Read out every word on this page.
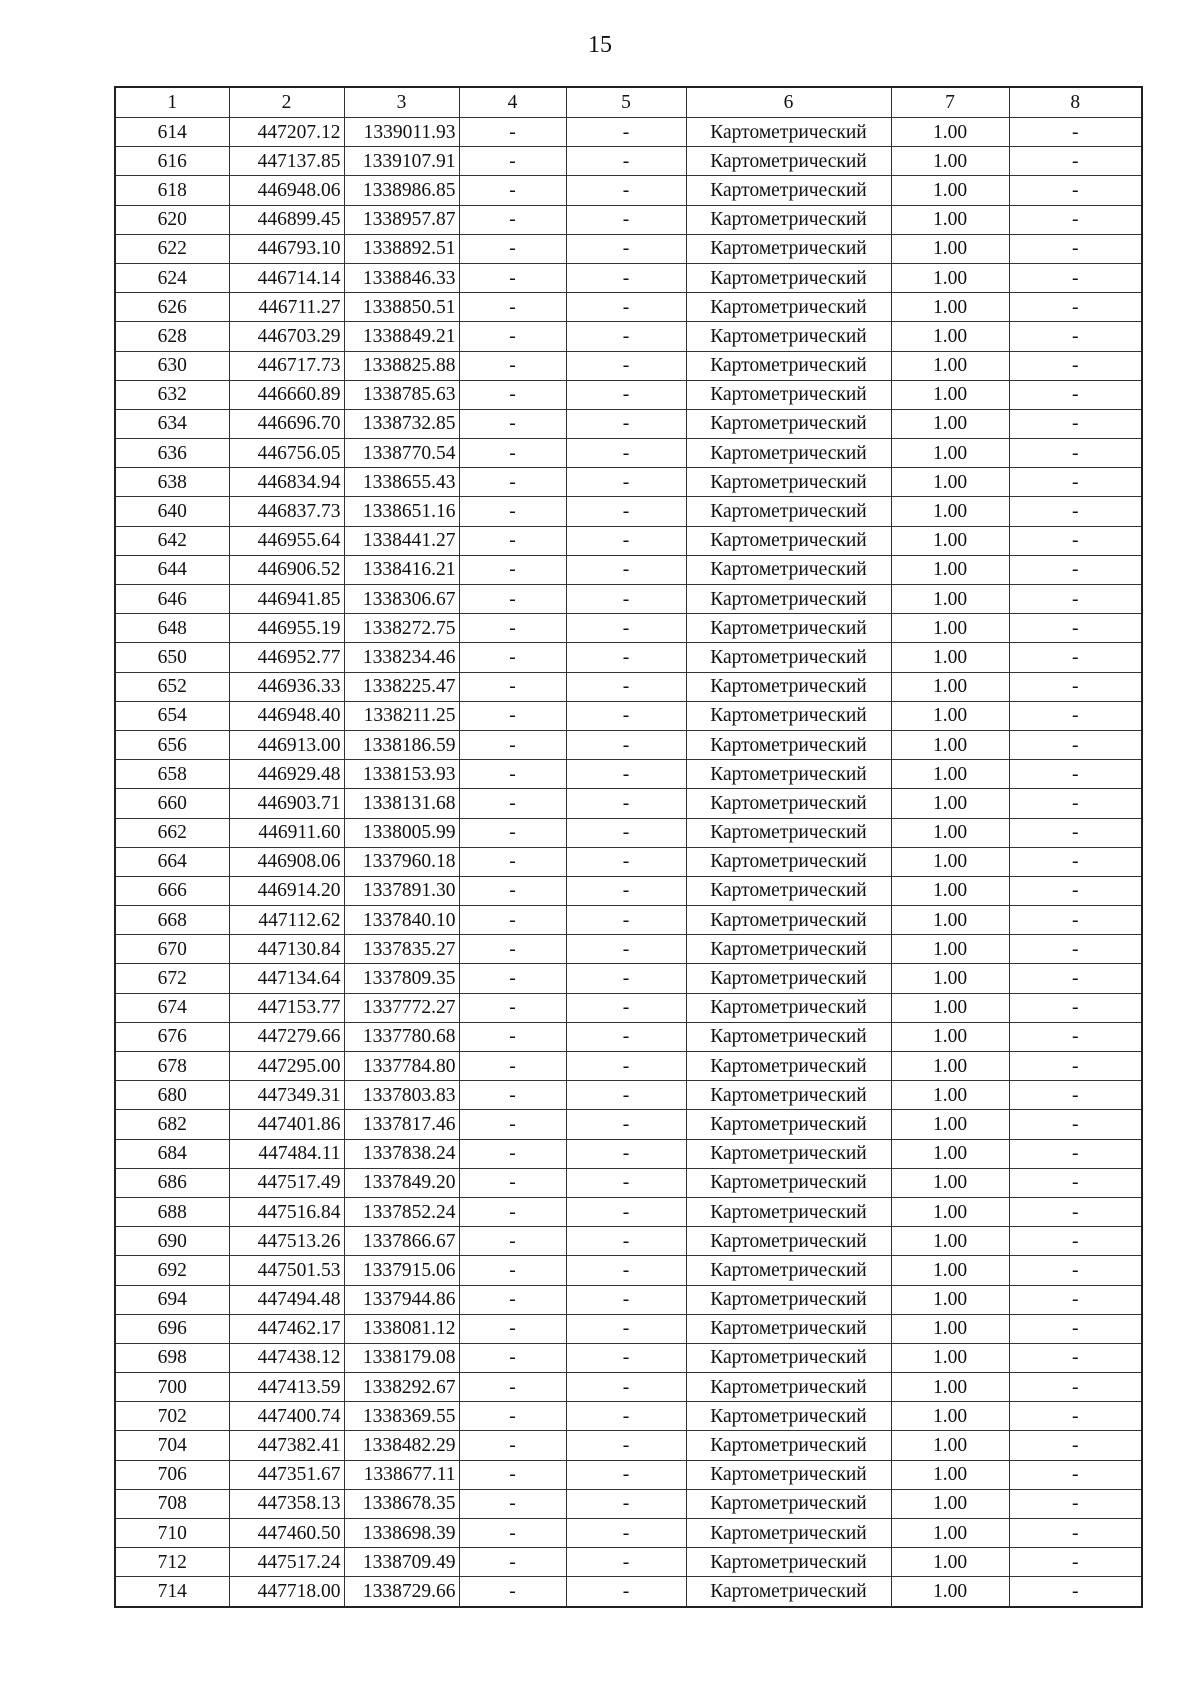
15
1	2	3	4	5	6	7	8
614	447207.12	1339011.93	-	-	Картометрический	1.00	-
616	447137.85	1339107.91	-	-	Картометрический	1.00	-
618	446948.06	1338986.85	-	-	Картометрический	1.00	-
620	446899.45	1338957.87	-	-	Картометрический	1.00	-
622	446793.10	1338892.51	-	-	Картометрический	1.00	-
624	446714.14	1338846.33	-	-	Картометрический	1.00	-
626	446711.27	1338850.51	-	-	Картометрический	1.00	-
628	446703.29	1338849.21	-	-	Картометрический	1.00	-
630	446717.73	1338825.88	-	-	Картометрический	1.00	-
632	446660.89	1338785.63	-	-	Картометрический	1.00	-
634	446696.70	1338732.85	-	-	Картометрический	1.00	-
636	446756.05	1338770.54	-	-	Картометрический	1.00	-
638	446834.94	1338655.43	-	-	Картометрический	1.00	-
640	446837.73	1338651.16	-	-	Картометрический	1.00	-
642	446955.64	1338441.27	-	-	Картометрический	1.00	-
644	446906.52	1338416.21	-	-	Картометрический	1.00	-
646	446941.85	1338306.67	-	-	Картометрический	1.00	-
648	446955.19	1338272.75	-	-	Картометрический	1.00	-
650	446952.77	1338234.46	-	-	Картометрический	1.00	-
652	446936.33	1338225.47	-	-	Картометрический	1.00	-
654	446948.40	1338211.25	-	-	Картометрический	1.00	-
656	446913.00	1338186.59	-	-	Картометрический	1.00	-
658	446929.48	1338153.93	-	-	Картометрический	1.00	-
660	446903.71	1338131.68	-	-	Картометрический	1.00	-
662	446911.60	1338005.99	-	-	Картометрический	1.00	-
664	446908.06	1337960.18	-	-	Картометрический	1.00	-
666	446914.20	1337891.30	-	-	Картометрический	1.00	-
668	447112.62	1337840.10	-	-	Картометрический	1.00	-
670	447130.84	1337835.27	-	-	Картометрический	1.00	-
672	447134.64	1337809.35	-	-	Картометрический	1.00	-
674	447153.77	1337772.27	-	-	Картометрический	1.00	-
676	447279.66	1337780.68	-	-	Картометрический	1.00	-
678	447295.00	1337784.80	-	-	Картометрический	1.00	-
680	447349.31	1337803.83	-	-	Картометрический	1.00	-
682	447401.86	1337817.46	-	-	Картометрический	1.00	-
684	447484.11	1337838.24	-	-	Картометрический	1.00	-
686	447517.49	1337849.20	-	-	Картометрический	1.00	-
688	447516.84	1337852.24	-	-	Картометрический	1.00	-
690	447513.26	1337866.67	-	-	Картометрический	1.00	-
692	447501.53	1337915.06	-	-	Картометрический	1.00	-
694	447494.48	1337944.86	-	-	Картометрический	1.00	-
696	447462.17	1338081.12	-	-	Картометрический	1.00	-
698	447438.12	1338179.08	-	-	Картометрический	1.00	-
700	447413.59	1338292.67	-	-	Картометрический	1.00	-
702	447400.74	1338369.55	-	-	Картометрический	1.00	-
704	447382.41	1338482.29	-	-	Картометрический	1.00	-
706	447351.67	1338677.11	-	-	Картометрический	1.00	-
708	447358.13	1338678.35	-	-	Картометрический	1.00	-
710	447460.50	1338698.39	-	-	Картометрический	1.00	-
712	447517.24	1338709.49	-	-	Картометрический	1.00	-
714	447718.00	1338729.66	-	-	Картометрический	1.00	-
